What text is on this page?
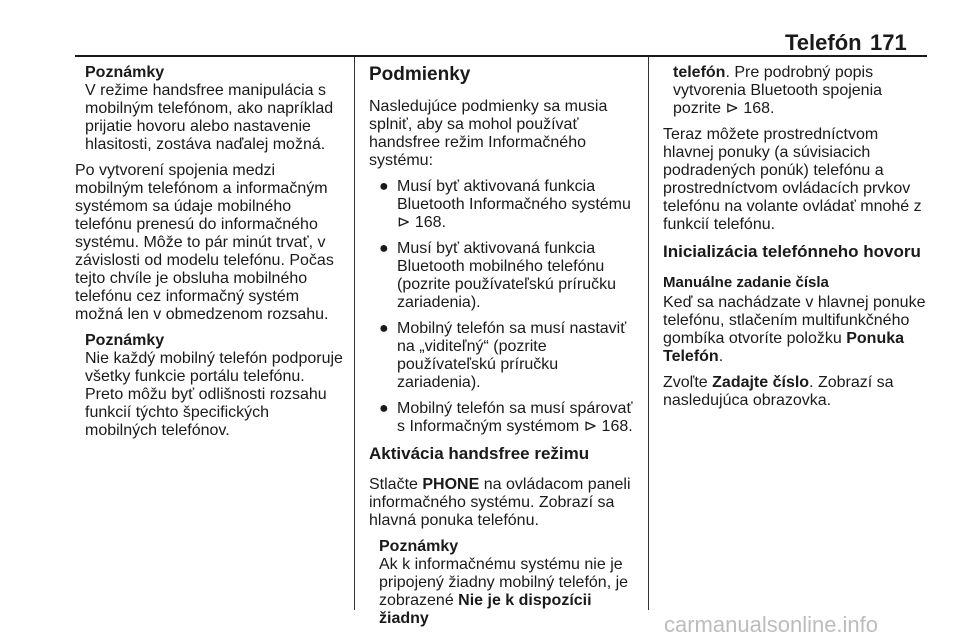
Telefón 171
Poznámky
V režime handsfree manipulácia s mobilným telefónom, ako napríklad prijatie hovoru alebo nastavenie hlasitosti, zostáva naďalej možná.

Po vytvorení spojenia medzi mobilným telefónom a informačným systémom sa údaje mobilného telefónu prenesú do informačného systému. Môže to pár minút trvať, v závislosti od modelu telefónu. Počas tejto chvíle je obsluha mobilného telefónu cez informačný systém možná len v obmedzenom rozsahu.

Poznámky
Nie každý mobilný telefón podporuje všetky funkcie portálu telefónu. Preto môžu byť odlišnosti rozsahu funkcií týchto špecifických mobilných telefónov.
Podmienky

Nasledujúce podmienky sa musia splniť, aby sa mohol používať handsfree režim Informačného systému:

● Musí byť aktivovaná funkcia Bluetooth Informačného systému ⊳ 168.
● Musí byť aktivovaná funkcia Bluetooth mobilného telefónu (pozrite používateľskú príručku zariadenia).
● Mobilný telefón sa musí nastaviť na „viditeľný“ (pozrite používateľskú príručku zariadenia).
● Mobilný telefón sa musí spárovať s Informačným systémom ⊳ 168.
Aktivácia handsfree režimu

Stlačte PHONE na ovládacom paneli informačného systému. Zobrazí sa hlavná ponuka telefónu.

Poznámky
Ak k informačnému systému nie je pripojený žiadny mobilný telefón, je zobrazené Nie je k dispozícii žiadny
telefón. Pre podrobný popis vytvorenia Bluetooth spojenia pozrite ⊳ 168.

Teraz môžete prostredníctvom hlavnej ponuky (a súvisiacich podradených ponúk) telefónu a prostredníctvom ovládacích prvkov telefónu na volante ovládať mnohé z funkcií telefónu.

Inicializácia telefónneho hovoru
Manuálne zadanie čísla

Keď sa nachádzate v hlavnej ponuke telefónu, stlačením multifunkčného gombíka otvoríte položku Ponuka Telefón.

Zvoľte Zadajte číslo. Zobrazí sa nasledujúca obrazovka.

carmanualsonline.info
